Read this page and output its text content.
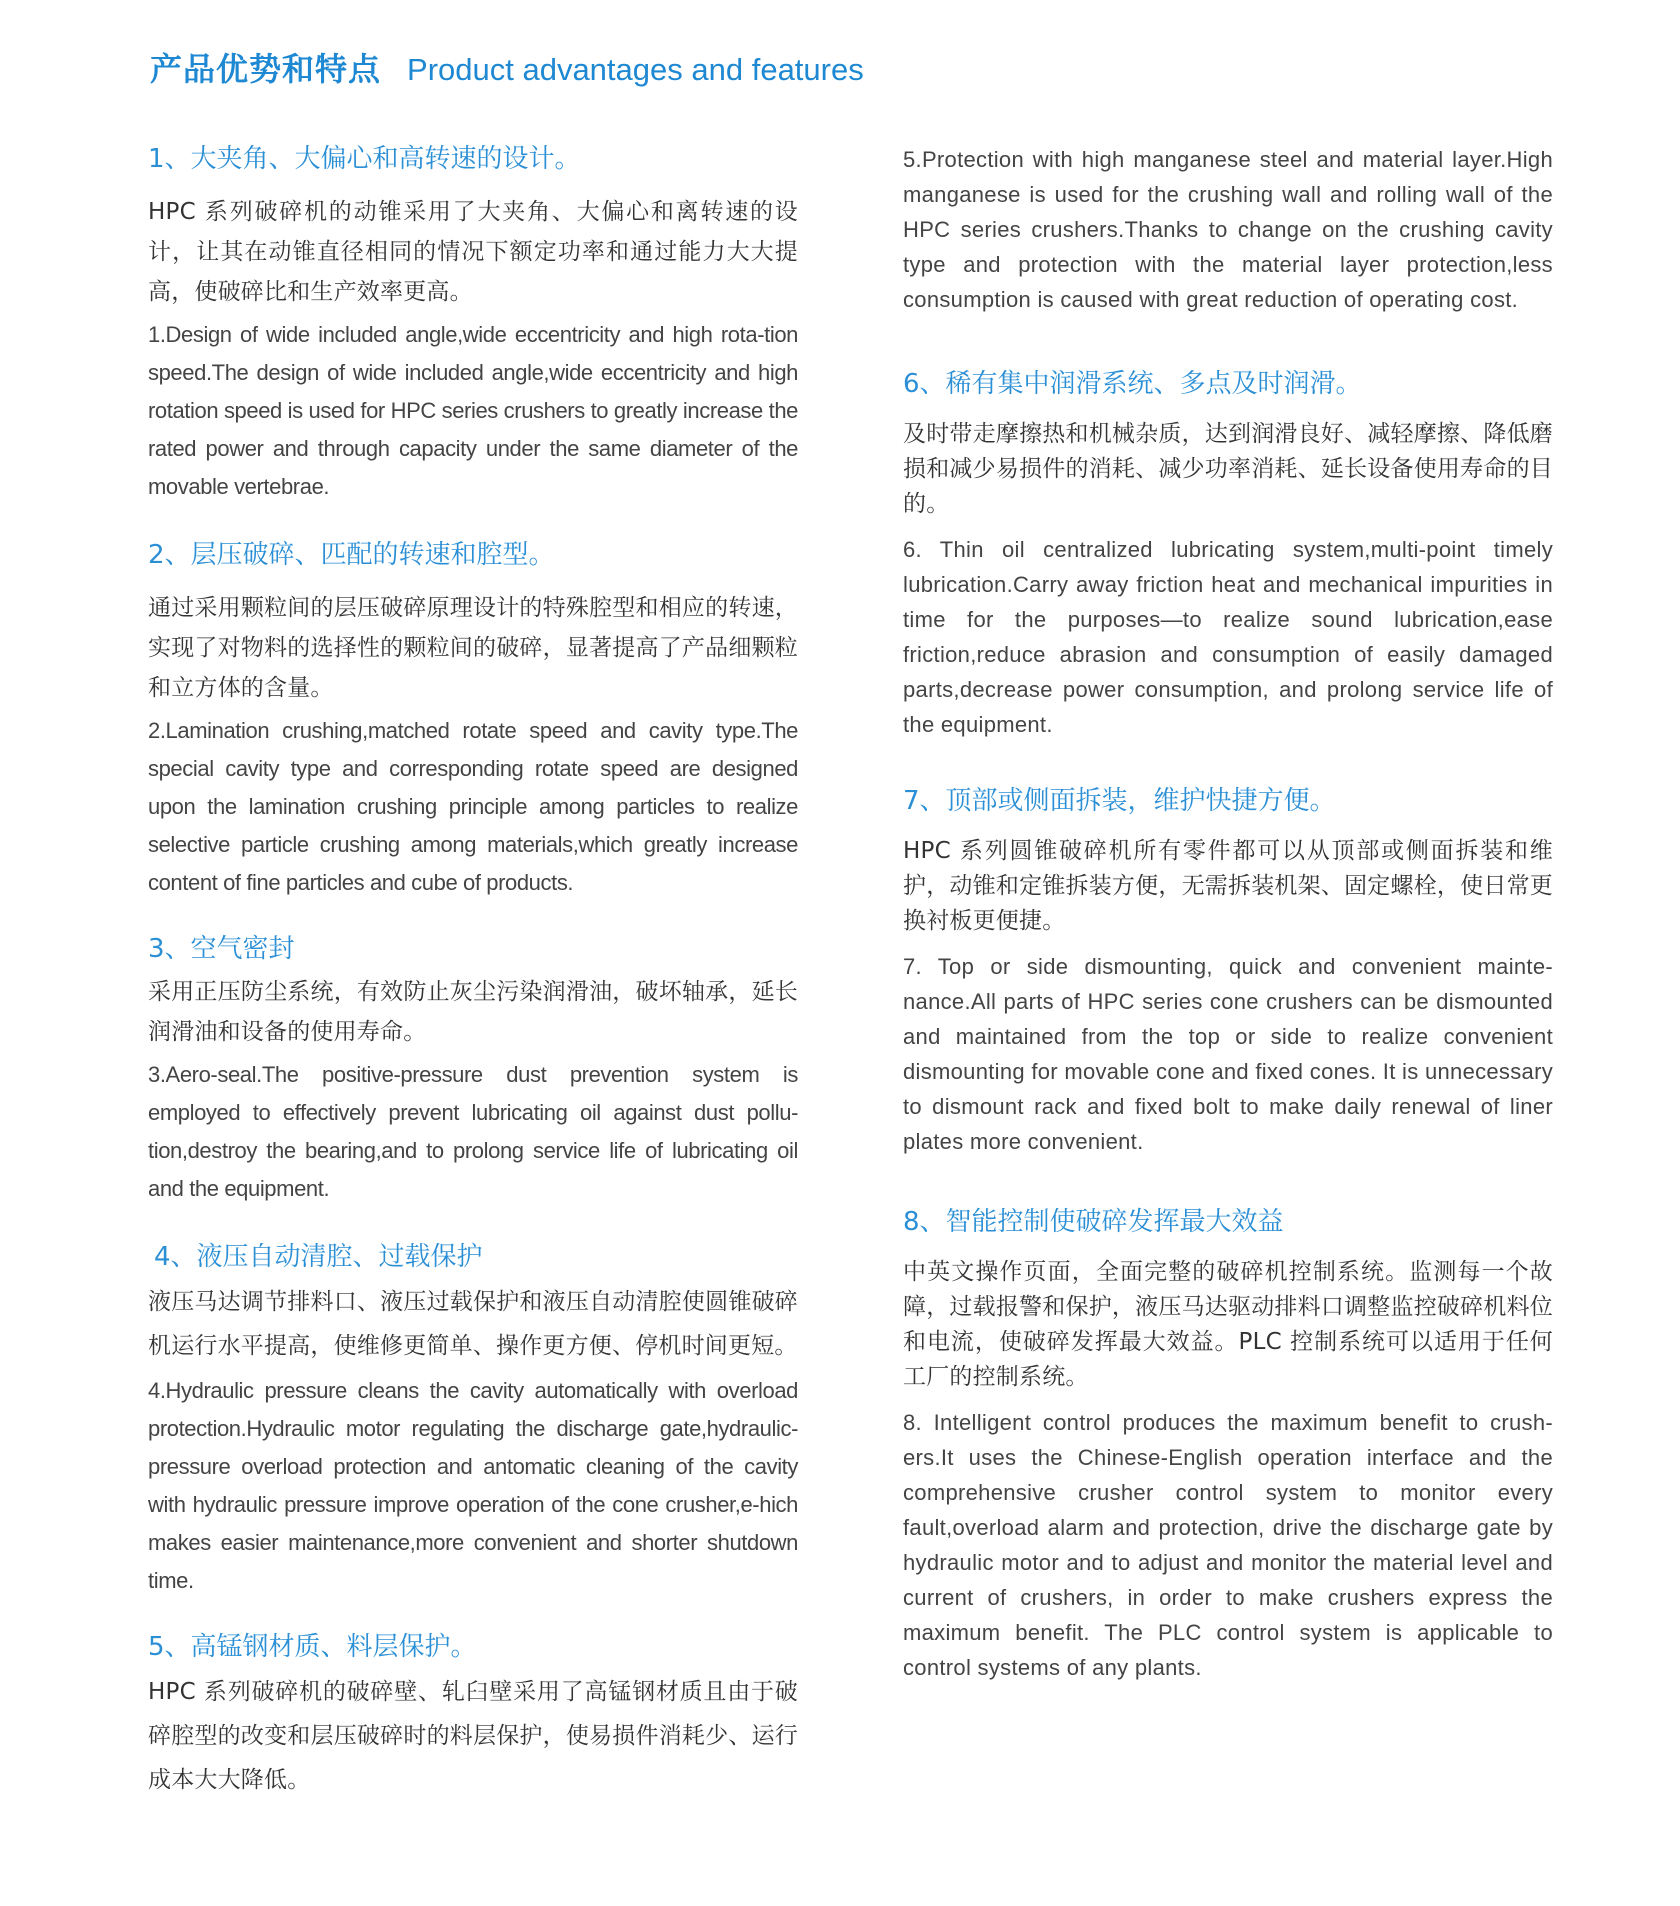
产品优势和特点 Product advantages and features
1、大夹角、大偏心和高转速的设计。

HPC 系列破碎机的动锥采用了大夹角、大偏心和离转速的设计，让其在动锥直径相同的情况下额定功率和通过能力大大提高，使破碎比和生产效率更高。

1.Design of wide included angle,wide eccentricity and high rota-tion speed.The design of wide included angle,wide eccentricity and high rotation speed is used for HPC series crushers to greatly increase the rated power and through capacity under the same diameter of the movable vertebrae.

2、层压破碎、匹配的转速和腔型。

通过采用颗粒间的层压破碎原理设计的特殊腔型和相应的转速，实现了对物料的选择性的颗粒间的破碎，显著提高了产品细颗粒和立方体的含量。

2.Lamination crushing,matched rotate speed and cavity type.The special cavity type and corresponding rotate speed are designed upon the lamination crushing principle among particles to realize selective particle crushing among materials,which greatly increase content of fine particles and cube of products.

3、空气密封

采用正压防尘系统，有效防止灰尘污染润滑油，破坏轴承，延长润滑油和设备的使用寿命。

3.Aero-seal.The positive-pressure dust prevention system is employed to effectively prevent lubricating oil against dust pollu-tion,destroy the bearing,and to prolong service life of lubricating oil and the equipment.

4、液压自动清腔、过载保护

液压马达调节排料口、液压过载保护和液压自动清腔使圆锥破碎机运行水平提高，使维修更简单、操作更方便、停机时间更短。

4.Hydraulic pressure cleans the cavity automatically with overload protection.Hydraulic motor regulating the discharge gate,hydraulic-pressure overload protection and antomatic cleaning of the cavity with hydraulic pressure improve operation of the cone crusher,e-hich makes easier maintenance,more convenient and shorter shutdown time.

5、高锰钢材质、料层保护。

HPC 系列破碎机的破碎壁、轧臼壁采用了高锰钢材质且由于破碎腔型的改变和层压破碎时的料层保护，使易损件消耗少、运行成本大大降低。

5.Protection with high manganese steel and material layer.High manganese is used for the crushing wall and rolling wall of the HPC series crushers.Thanks to change on the crushing cavity type and protection with the material layer protection,less consumption is caused with great reduction of operating cost.

6、稀有集中润滑系统、多点及时润滑。

及时带走摩擦热和机械杂质，达到润滑良好、减轻摩擦、降低磨损和减少易损件的消耗、减少功率消耗、延长设备使用寿命的目的。

6. Thin oil centralized lubricating system,multi-point timely lubrication.Carry away friction heat and mechanical impurities in time for the purposes—to realize sound lubrication,ease friction,reduce abrasion and consumption of easily damaged parts,decrease power consumption, and prolong service life of the equipment.

7、顶部或侧面拆装，维护快捷方便。

HPC 系列圆锥破碎机所有零件都可以从顶部或侧面拆装和维护，动锥和定锥拆装方便，无需拆装机架、固定螺栓，使日常更换衬板更便捷。

7. Top or side dismounting, quick and convenient mainte-nance.All parts of HPC series cone crushers can be dismounted and maintained from the top or side to realize convenient dismounting for movable cone and fixed cones. It is unnecessary to dismount rack and fixed bolt to make daily renewal of liner plates more convenient.

8、智能控制使破碎发挥最大效益

中英文操作页面，全面完整的破碎机控制系统。监测每一个故障，过载报警和保护，液压马达驱动排料口调整监控破碎机料位和电流，使破碎发挥最大效益。PLC 控制系统可以适用于任何工厂的控制系统。

8. Intelligent control produces the maximum benefit to crush-ers.It uses the Chinese-English operation interface and the comprehensive crusher control system to monitor every fault,overload alarm and protection, drive the discharge gate by hydraulic motor and to adjust and monitor the material level and current of crushers, in order to make crushers express the maximum benefit. The PLC control system is applicable to control systems of any plants.
